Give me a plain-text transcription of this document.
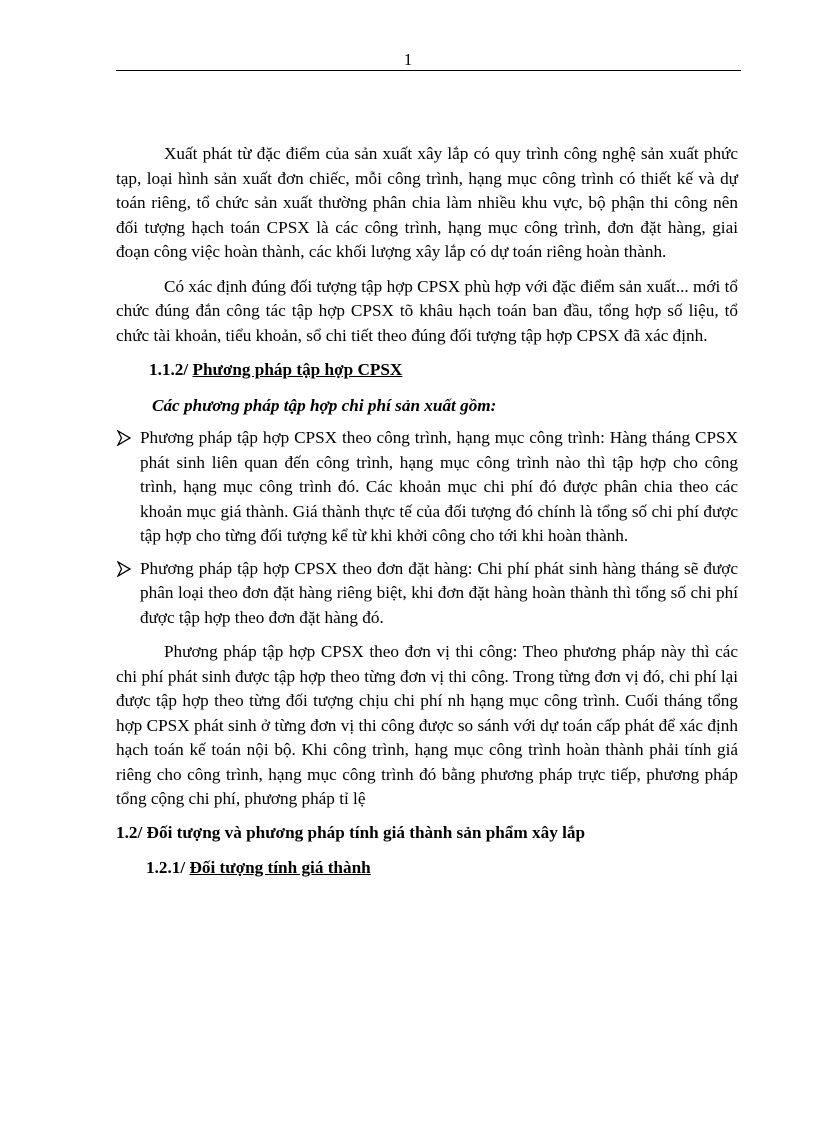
1

Xuất phát từ đặc điểm của sản xuất xây lắp có quy trình công nghệ sản xuất phức tạp, loại hình sản xuất đơn chiếc, mỗi công trình, hạng mục công trình có thiết kế và dự toán riêng, tổ chức sản xuất thường phân chia làm nhiều khu vực, bộ phận thi công nên đối tượng hạch toán CPSX là các công trình, hạng mục công trình, đơn đặt hàng, giai đoạn công việc hoàn thành, các khối lượng xây lắp có dự toán riêng hoàn thành.

Có xác định đúng đối tượng tập hợp CPSX phù hợp với đặc điểm sản xuất... mới tổ chức đúng đắn công tác tập hợp CPSX tõ khâu hạch toán ban đầu, tổng hợp số liệu, tổ chức tài khoản, tiểu khoản, sổ chi tiết theo đúng đối tượng tập hợp CPSX đã xác định.

1.1.2/ Phương pháp tập hợp CPSX

Các phương pháp tập hợp chi phí sản xuất gồm:

Phương pháp tập hợp CPSX theo công trình, hạng mục công trình: Hàng tháng CPSX phát sinh liên quan đến công trình, hạng mục công trình nào thì tập hợp cho công trình, hạng mục công trình đó. Các khoản mục chi phí đó được phân chia theo các khoản mục giá thành. Giá thành thực tế của đối tượng đó chính là tổng số chi phí được tập hợp cho từng đối tượng kể từ khi khởi công cho tới khi hoàn thành.
Phương pháp tập hợp CPSX theo đơn đặt hàng: Chi phí phát sinh hàng tháng sẽ được phân loại theo đơn đặt hàng riêng biệt, khi đơn đặt hàng hoàn thành thì tổng số chi phí được tập hợp theo đơn đặt hàng đó.

Phương pháp tập hợp CPSX theo đơn vị thi công: Theo phương pháp này thì các chi phí phát sinh được tập hợp theo từng đơn vị thi công. Trong từng đơn vị đó, chi phí lại được tập hợp theo từng đối tượng chịu chi phí nh hạng mục công trình. Cuối tháng tổng hợp CPSX phát sinh ở từng đơn vị thi công được so sánh với dự toán cấp phát để xác định hạch toán kế toán nội bộ. Khi công trình, hạng mục công trình hoàn thành phải tính giá riêng cho công trình, hạng mục công trình đó bằng phương pháp trực tiếp, phương pháp tổng cộng chi phí, phương pháp tỉ lệ

1.2/ Đối tượng và phương pháp tính giá thành sản phẩm xây lắp

1.2.1/ Đối tượng tính giá thành
